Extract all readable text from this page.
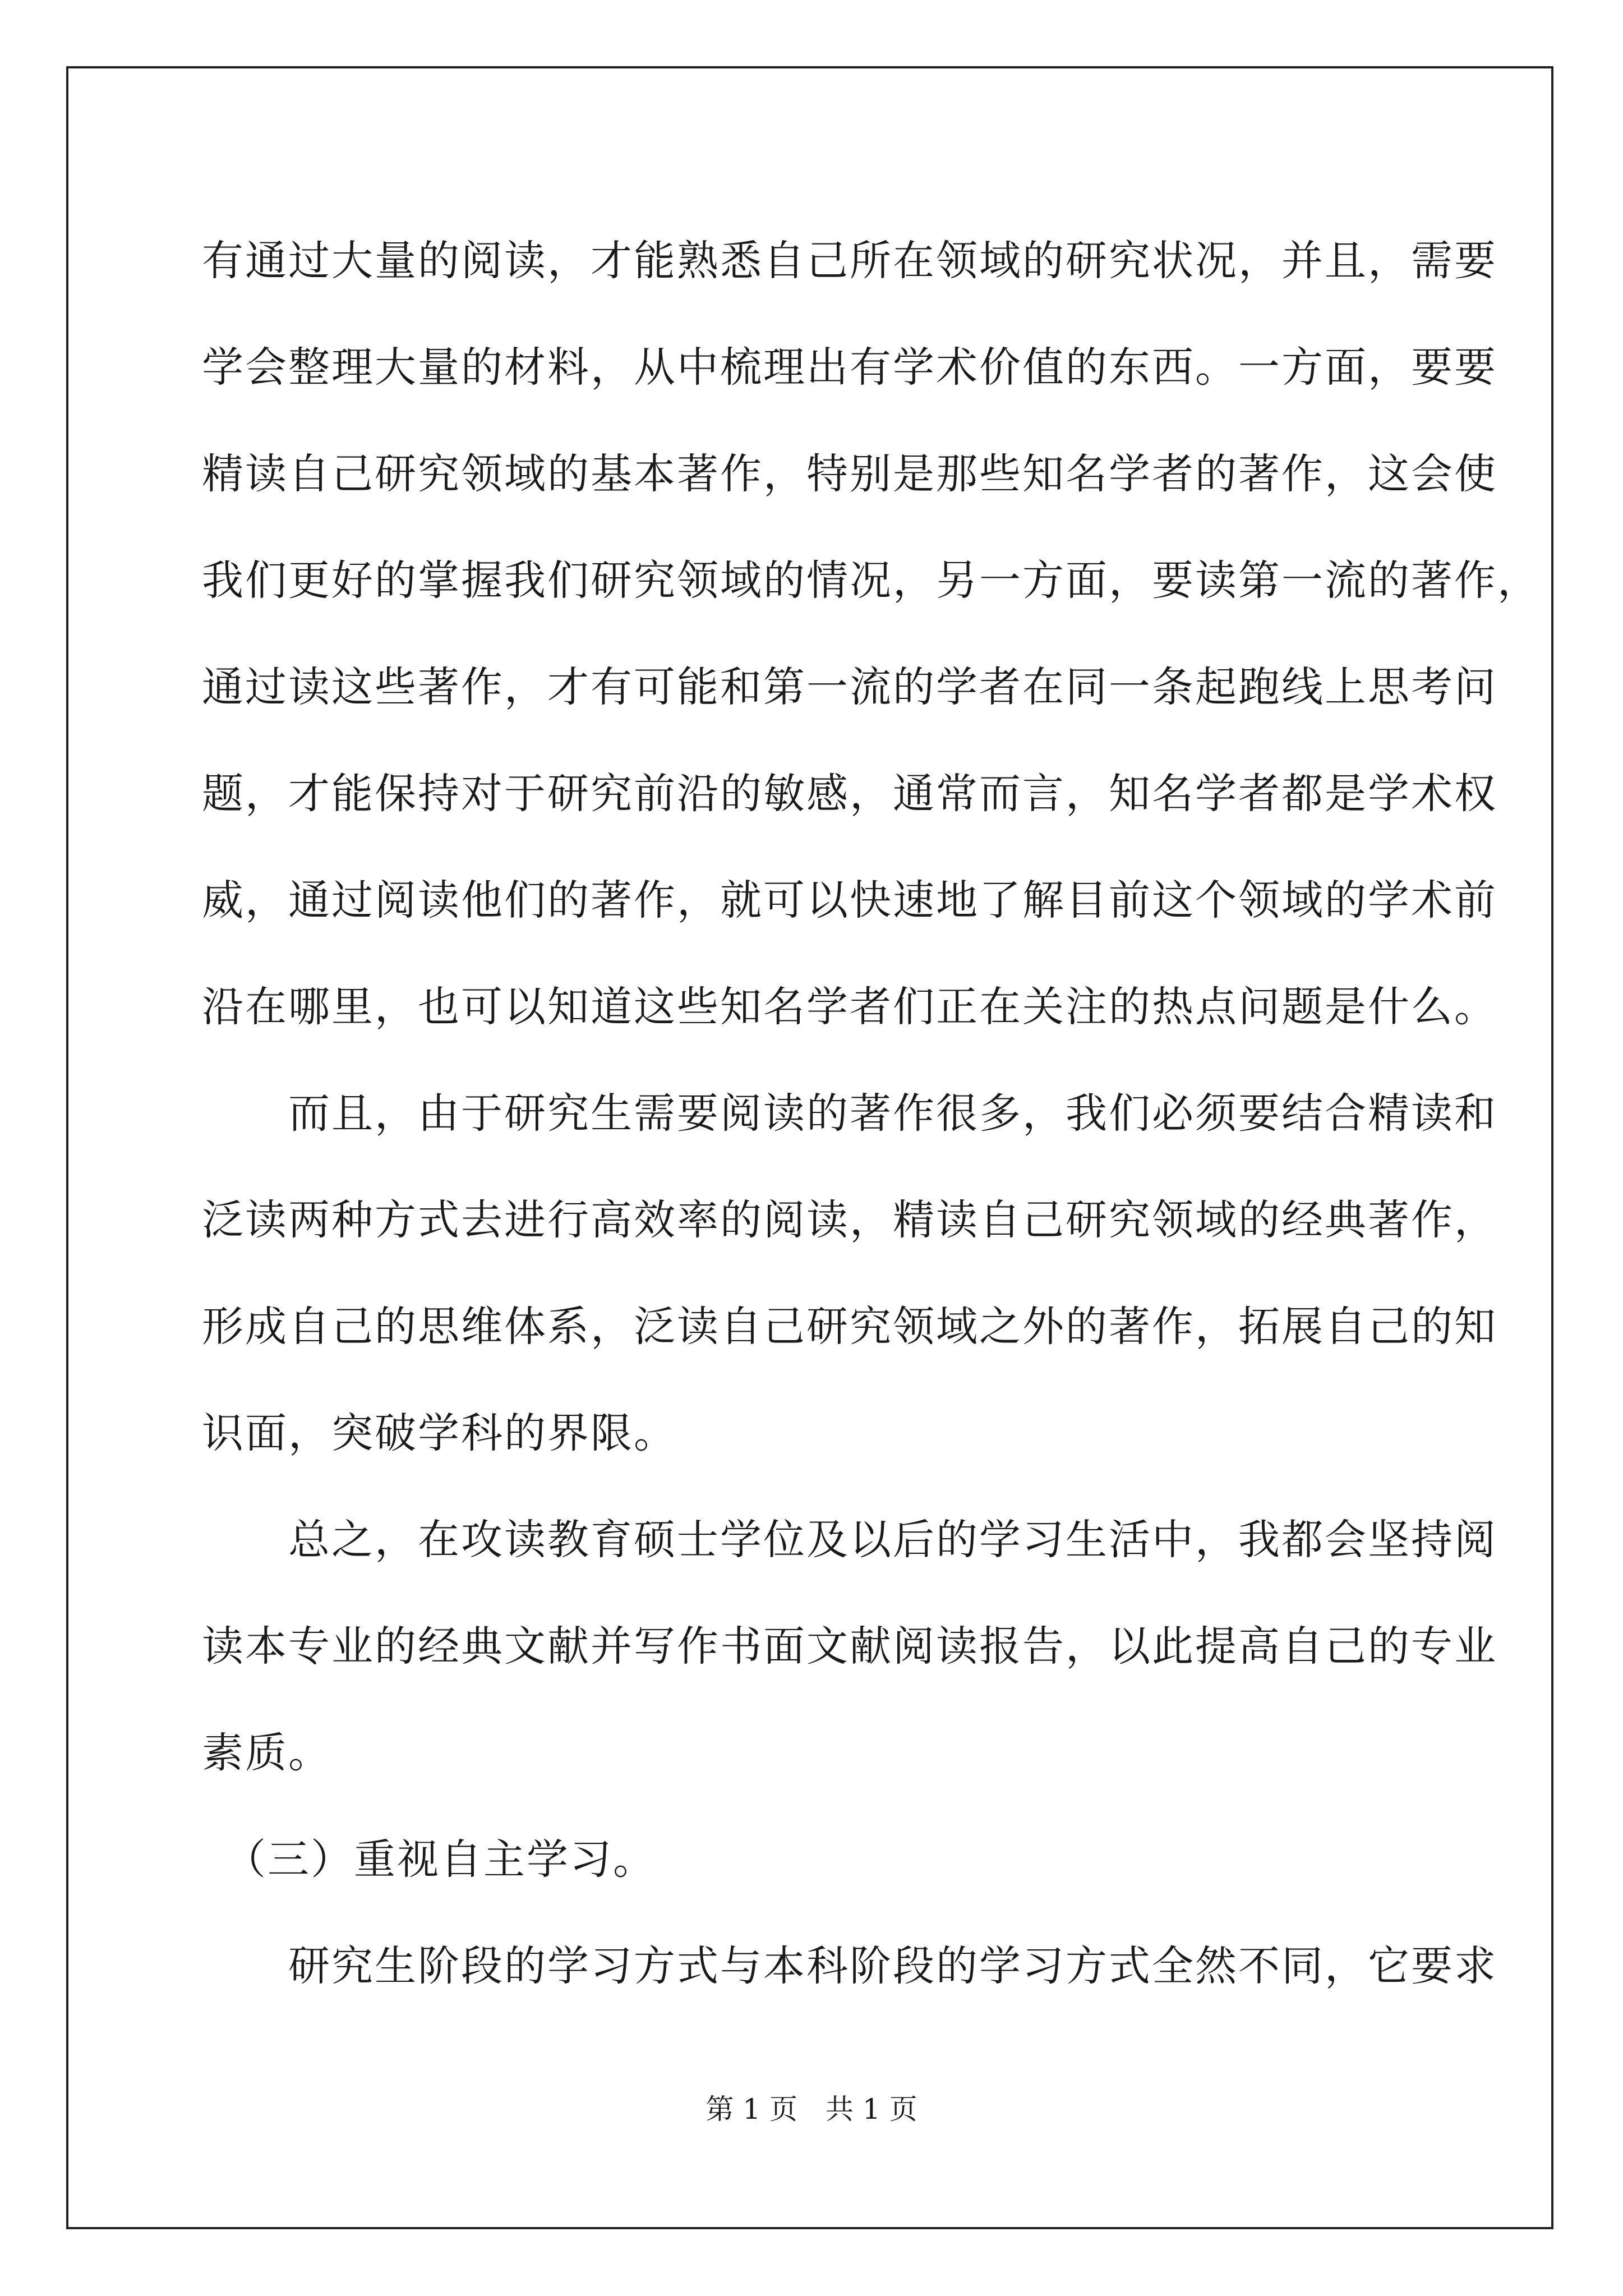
有通过大量的阅读，才能熟悉自己所在领域的研究状况，并且，需要
学会整理大量的材料，从中梳理出有学术价值的东西。一方面，要要
精读自己研究领域的基本著作，特别是那些知名学者的著作，这会使
我们更好的掌握我们研究领域的情况，另一方面，要读第一流的著作，
通过读这些著作，才有可能和第一流的学者在同一条起跑线上思考问
题，才能保持对于研究前沿的敏感，通常而言，知名学者都是学术权
威，通过阅读他们的著作，就可以快速地了解目前这个领域的学术前
沿在哪里，也可以知道这些知名学者们正在关注的热点问题是什么。
　　而且，由于研究生需要阅读的著作很多，我们必须要结合精读和
泛读两种方式去进行高效率的阅读，精读自己研究领域的经典著作，
形成自己的思维体系，泛读自己研究领域之外的著作，拓展自己的知
识面，突破学科的界限。
　　总之，在攻读教育硕士学位及以后的学习生活中，我都会坚持阅
读本专业的经典文献并写作书面文献阅读报告，以此提高自己的专业
素质。
　（三）重视自主学习。
　　研究生阶段的学习方式与本科阶段的学习方式全然不同，它要求
第 1 页　共 1 页
